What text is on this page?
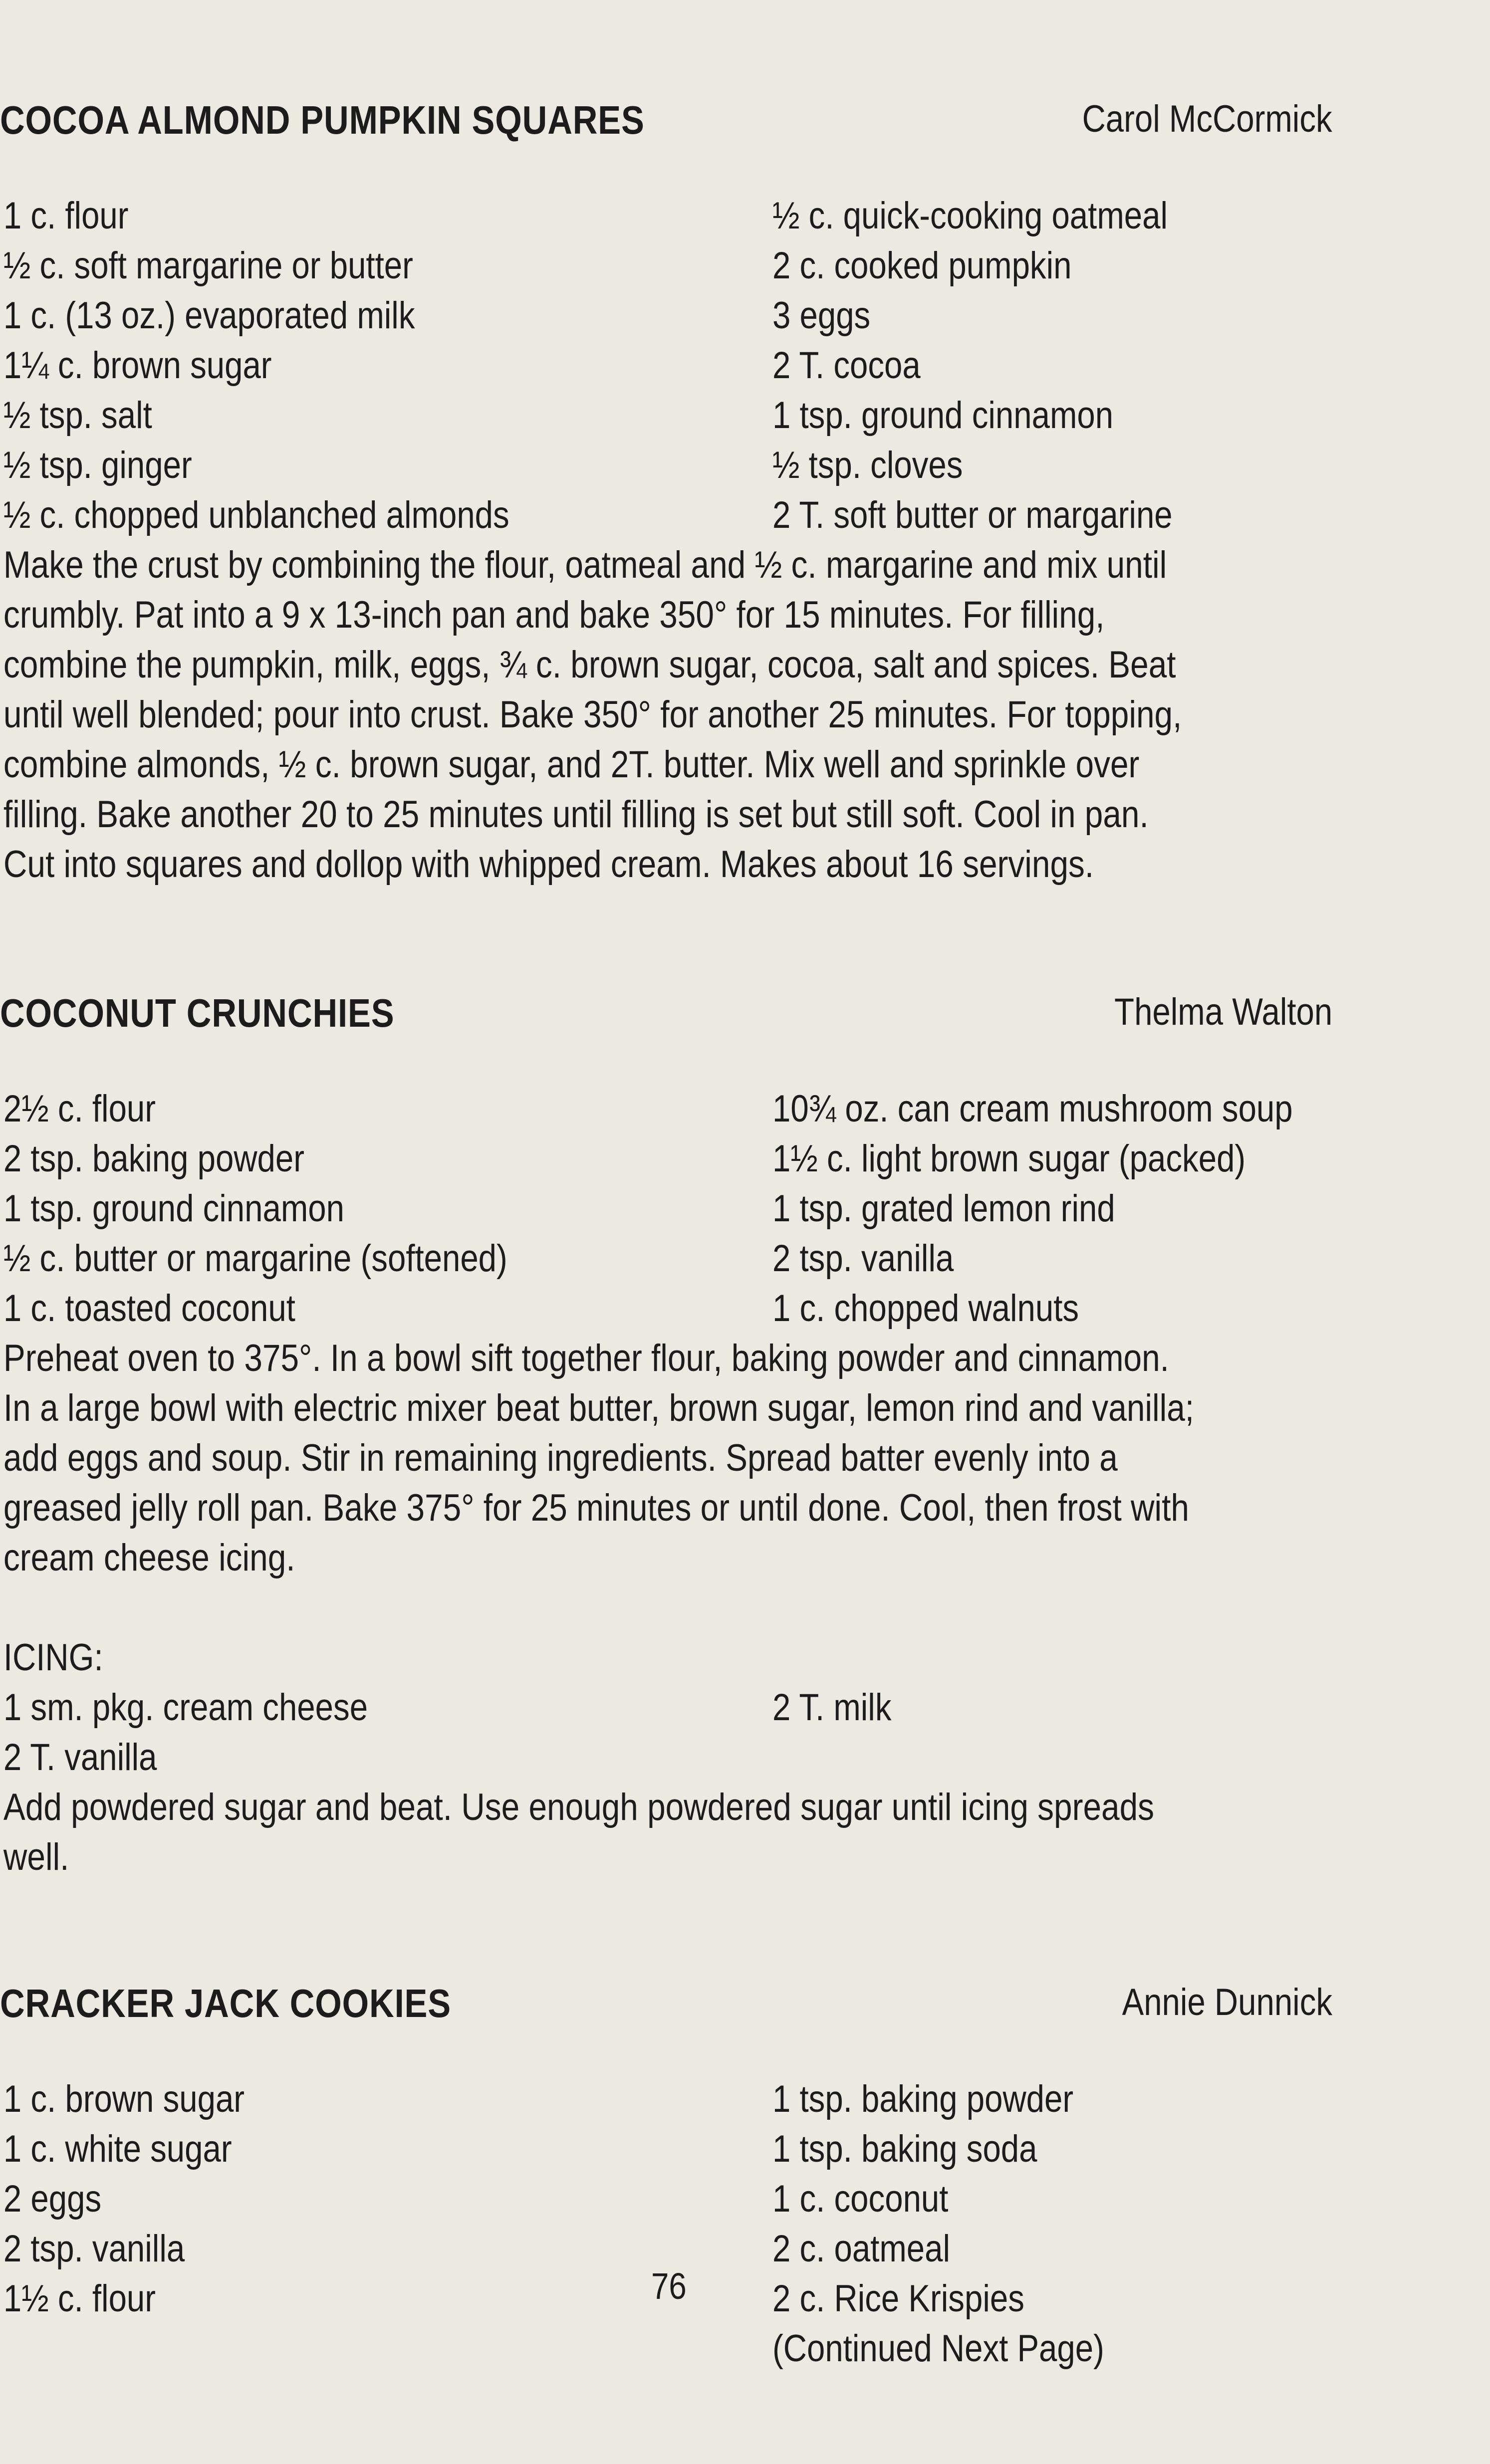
COCOA ALMOND PUMPKIN SQUARES	Carol McCormick
1 c. flour	½ c. quick-cooking oatmeal
½ c. soft margarine or butter	2 c. cooked pumpkin
1 c. (13 oz.) evaporated milk	3 eggs
1¼ c. brown sugar	2 T. cocoa
½ tsp. salt	1 tsp. ground cinnamon
½ tsp. ginger	½ tsp. cloves
½ c. chopped unblanched almonds	2 T. soft butter or margarine

Make the crust by combining the flour, oatmeal and ½ c. margarine and mix until
crumbly. Pat into a 9 x 13-inch pan and bake 350° for 15 minutes. For filling,
combine the pumpkin, milk, eggs, ¾ c. brown sugar, cocoa, salt and spices. Beat
until well blended; pour into crust. Bake 350° for another 25 minutes. For topping,
combine almonds, ½ c. brown sugar, and 2T. butter. Mix well and sprinkle over
filling. Bake another 20 to 25 minutes until filling is set but still soft. Cool in pan.
Cut into squares and dollop with whipped cream. Makes about 16 servings.

COCONUT CRUNCHIES	Thelma Walton
2½ c. flour	10¾ oz. can cream mushroom soup
2 tsp. baking powder	1½ c. light brown sugar (packed)
1 tsp. ground cinnamon	1 tsp. grated lemon rind
½ c. butter or margarine (softened)	2 tsp. vanilla
1 c. toasted coconut	1 c. chopped walnuts

Preheat oven to 375°. In a bowl sift together flour, baking powder and cinnamon.
In a large bowl with electric mixer beat butter, brown sugar, lemon rind and vanilla;
add eggs and soup. Stir in remaining ingredients. Spread batter evenly into a
greased jelly roll pan. Bake 375° for 25 minutes or until done. Cool, then frost with
cream cheese icing.

ICING:
1 sm. pkg. cream cheese	2 T. milk
2 T. vanilla

Add powdered sugar and beat. Use enough powdered sugar until icing spreads
well.

CRACKER JACK COOKIES	Annie Dunnick
1 c. brown sugar	1 tsp. baking powder
1 c. white sugar	1 tsp. baking soda
2 eggs	1 c. coconut
2 tsp. vanilla	2 c. oatmeal
1½ c. flour	2 c. Rice Krispies
(Continued Next Page)
76
